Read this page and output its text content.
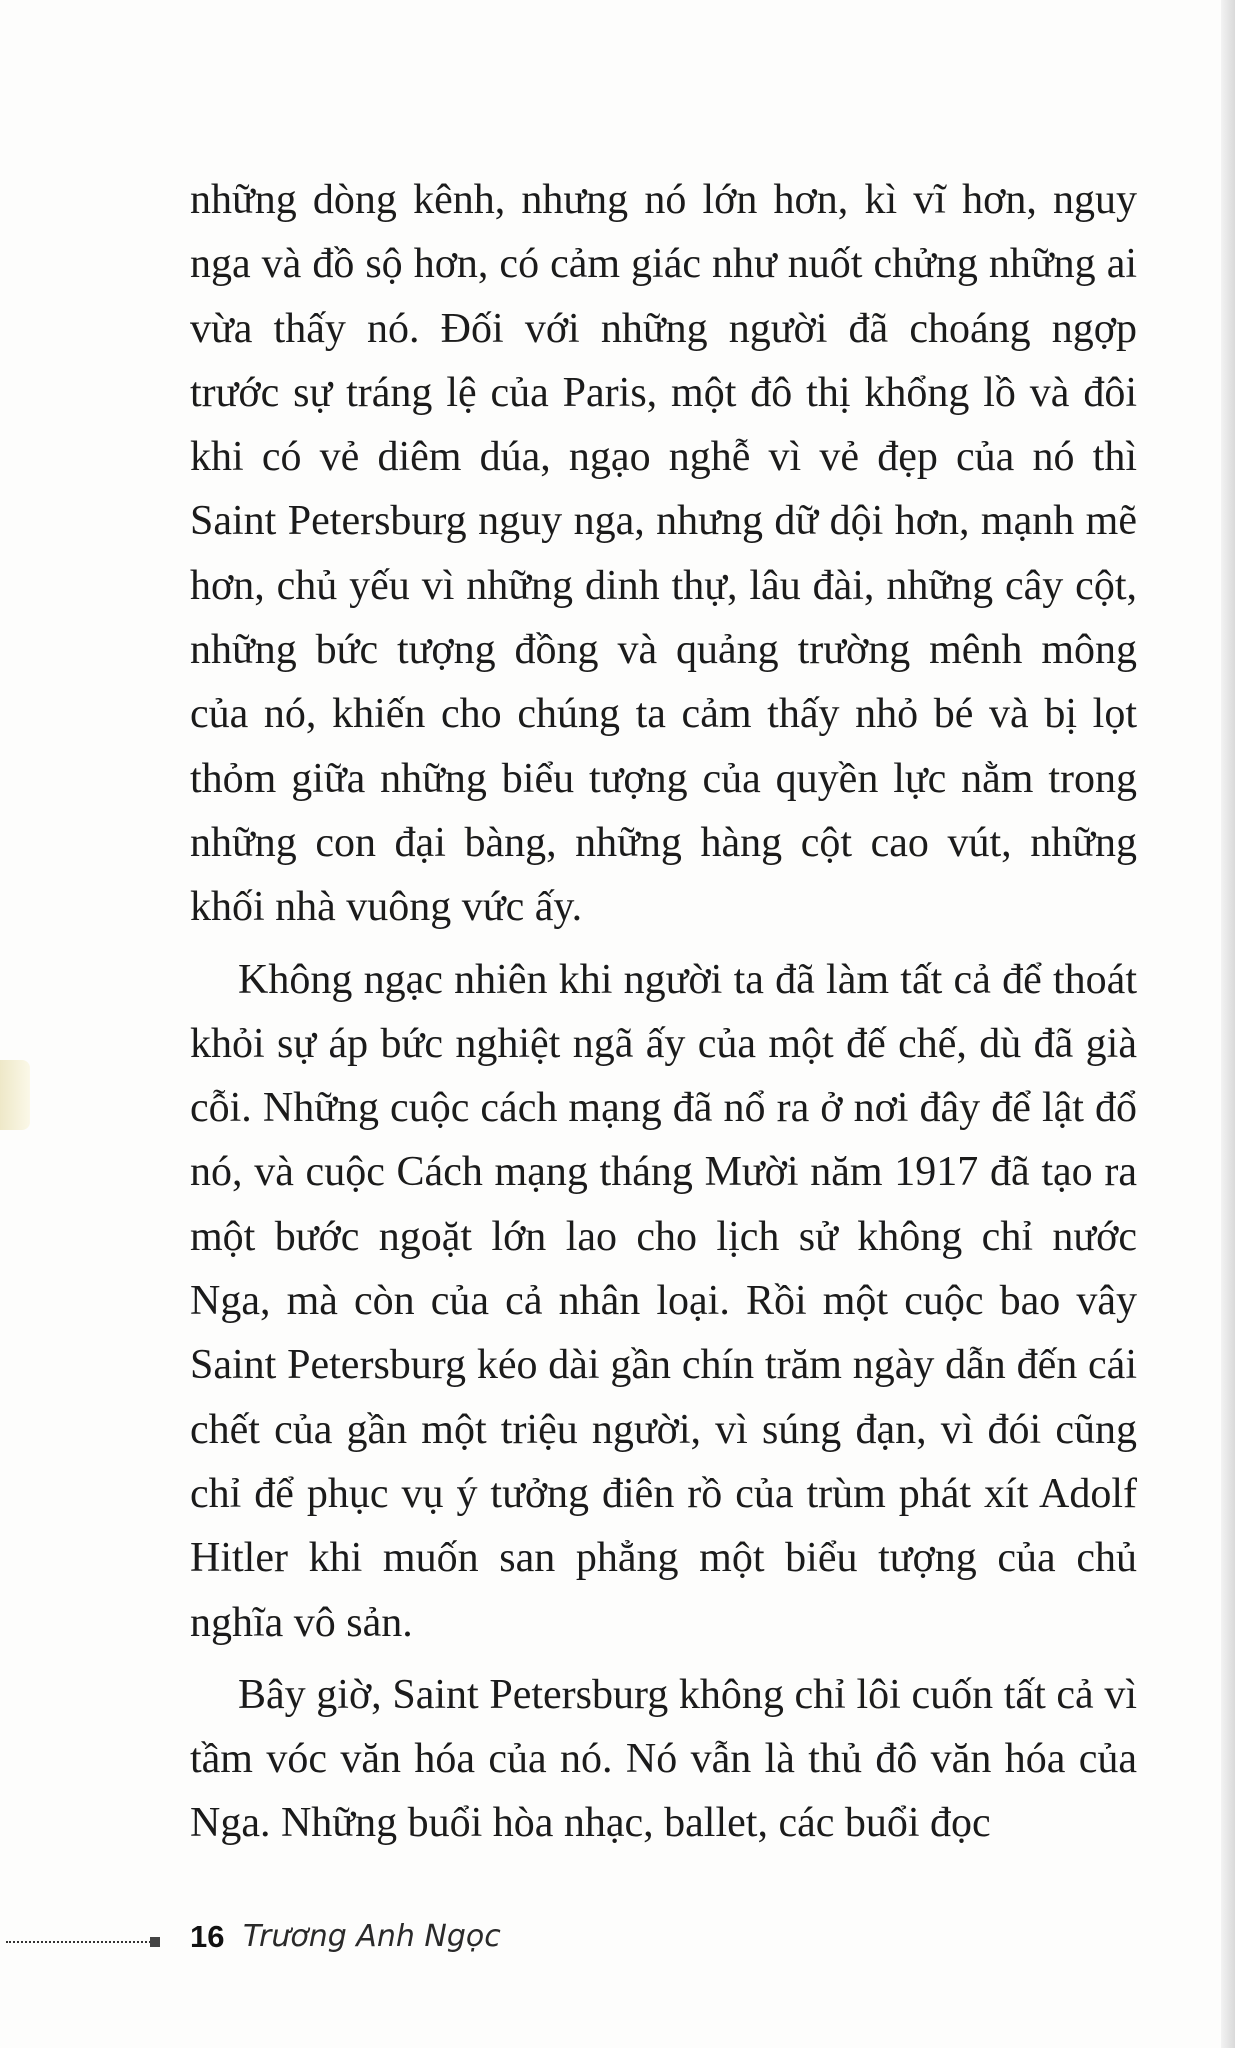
những dòng kênh, nhưng nó lớn hơn, kì vĩ hơn, nguy nga và đồ sộ hơn, có cảm giác như nuốt chửng những ai vừa thấy nó. Đối với những người đã choáng ngợp trước sự tráng lệ của Paris, một đô thị khổng lồ và đôi khi có vẻ diêm dúa, ngạo nghễ vì vẻ đẹp của nó thì Saint Petersburg nguy nga, nhưng dữ dội hơn, mạnh mẽ hơn, chủ yếu vì những dinh thự, lâu đài, những cây cột, những bức tượng đồng và quảng trường mênh mông của nó, khiến cho chúng ta cảm thấy nhỏ bé và bị lọt thỏm giữa những biểu tượng của quyền lực nằm trong những con đại bàng, những hàng cột cao vút, những khối nhà vuông vức ấy.

Không ngạc nhiên khi người ta đã làm tất cả để thoát khỏi sự áp bức nghiệt ngã ấy của một đế chế, dù đã già cỗi. Những cuộc cách mạng đã nổ ra ở nơi đây để lật đổ nó, và cuộc Cách mạng tháng Mười năm 1917 đã tạo ra một bước ngoặt lớn lao cho lịch sử không chỉ nước Nga, mà còn của cả nhân loại. Rồi một cuộc bao vây Saint Petersburg kéo dài gần chín trăm ngày dẫn đến cái chết của gần một triệu người, vì súng đạn, vì đói cũng chỉ để phục vụ ý tưởng điên rồ của trùm phát xít Adolf Hitler khi muốn san phẳng một biểu tượng của chủ nghĩa vô sản.

Bây giờ, Saint Petersburg không chỉ lôi cuốn tất cả vì tầm vóc văn hóa của nó. Nó vẫn là thủ đô văn hóa của Nga. Những buổi hòa nhạc, ballet, các buổi đọc

16 Trương Anh Ngọc
